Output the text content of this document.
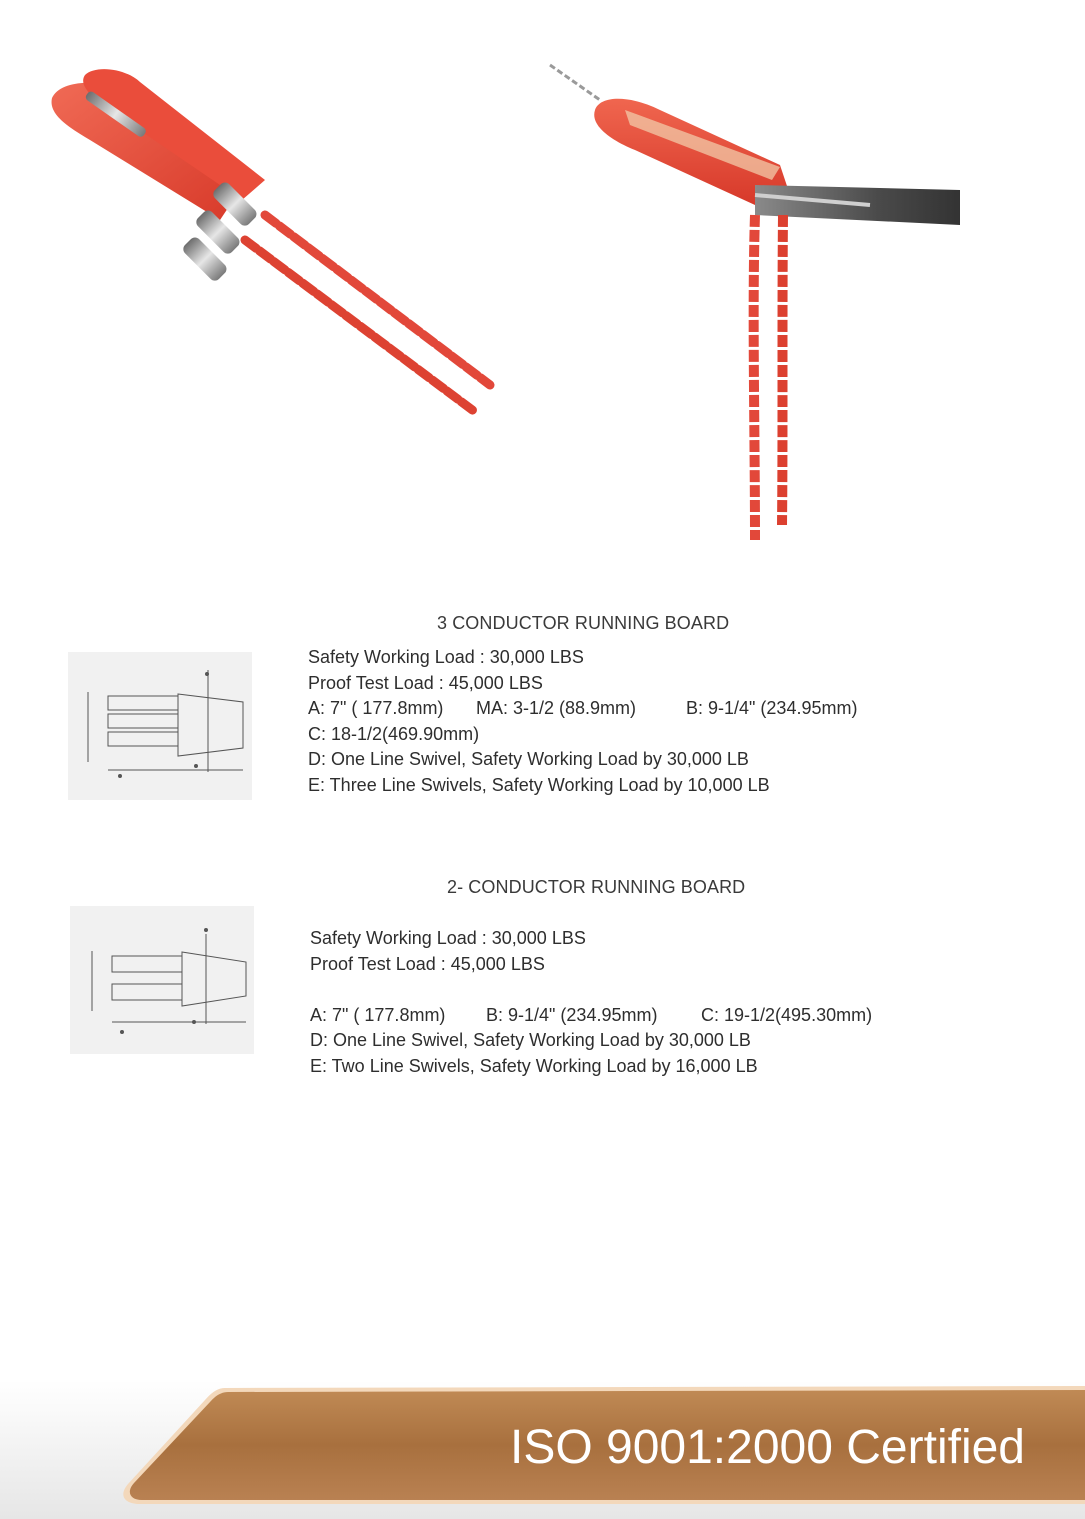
3 CONDUCTOR RUNNING BOARD
Safety Working Load : 30,000 LBS
Proof Test Load : 45,000 LBS
A: 7" ( 177.8mm) MA: 3-1/2 (88.9mm)	B: 9-1/4" (234.95mm)
C: 18-1/2(469.90mm)
D: One Line Swivel, Safety Working Load by 30,000 LB
E: Three Line Swivels, Safety Working Load by 10,000 LB
2- CONDUCTOR RUNNING BOARD
Safety Working Load : 30,000 LBS
Proof Test Load : 45,000 LBS

A: 7" ( 177.8mm) B: 9-1/4" (234.95mm) C: 19-1/2(495.30mm)
D: One Line Swivel, Safety Working Load by 30,000 LB
E: Two Line Swivels, Safety Working Load by 16,000 LB
ISO 9001:2000 Certified
